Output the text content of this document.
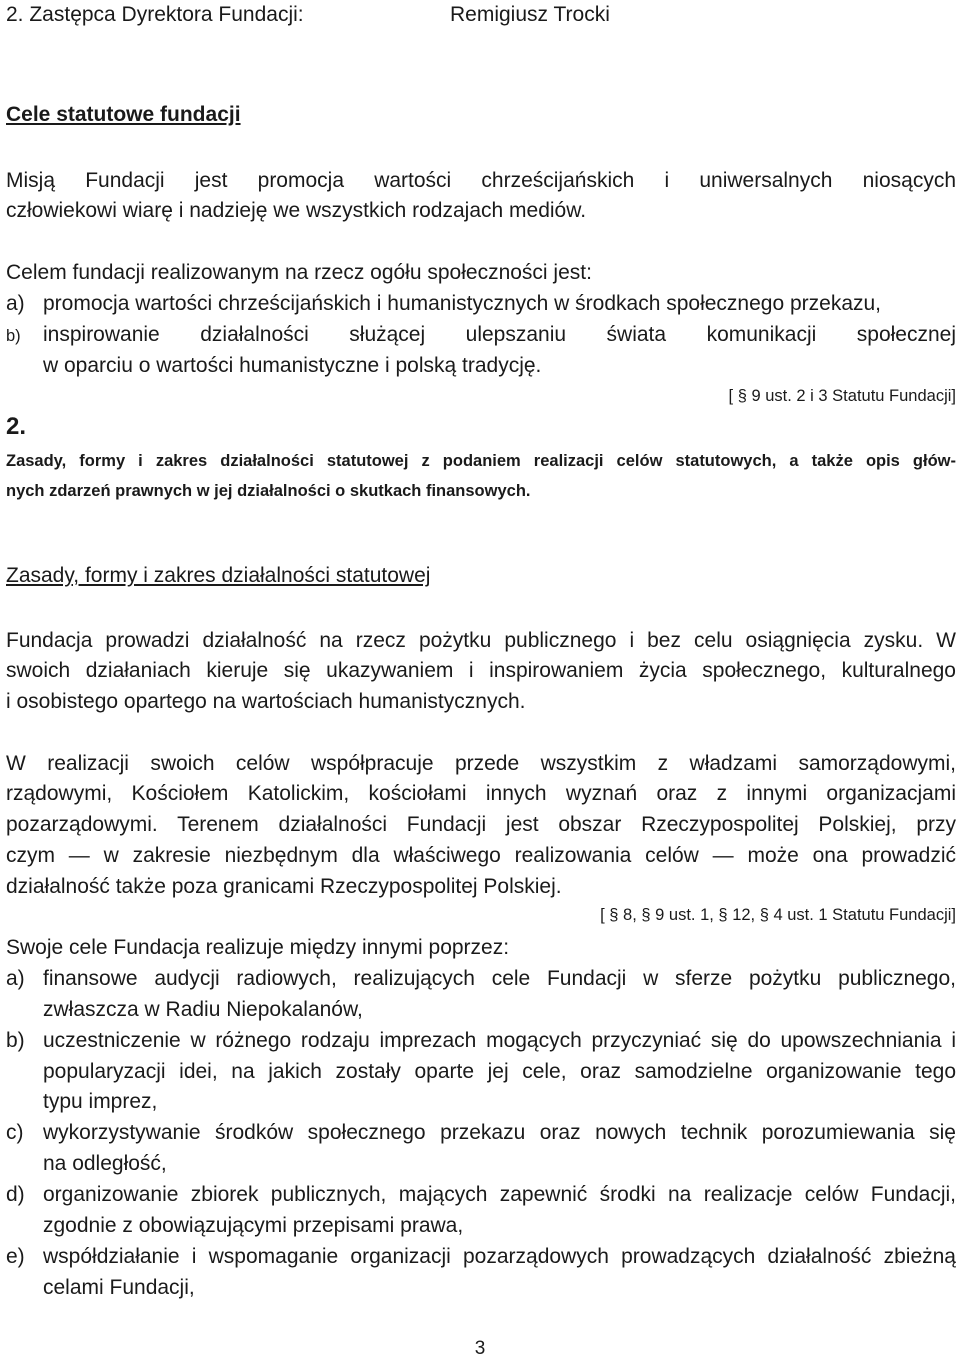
2. Zastępca Dyrektora Fundacji:	Remigiusz Trocki
Cele statutowe fundacji
Misją Fundacji jest promocja wartości chrześcijańskich i uniwersalnych niosących
człowiekowi wiarę i nadzieję we wszystkich rodzajach mediów.
Celem fundacji realizowanym na rzecz ogółu społeczności jest:
a) promocja wartości chrześcijańskich i humanistycznych w środkach społecznego przekazu,
b)	inspirowanie działalności służącej ulepszaniu świata komunikacji społecznej
w oparciu o wartości humanistyczne i polską tradycję.
[ § 9 ust. 2 i 3 Statutu Fundacji]
2.
Zasady, formy i zakres działalności statutowej z podaniem realizacji celów statutowych, a także opis głów-
nych zdarzeń prawnych w jej działalności o skutkach finansowych.
Zasady, formy i zakres działalności statutowej
Fundacja prowadzi działalność na rzecz pożytku publicznego i bez celu osiągnięcia zysku. W
swoich działaniach kieruje się ukazywaniem i inspirowaniem życia społecznego, kulturalnego
i osobistego opartego na wartościach humanistycznych.
W realizacji swoich celów współpracuje przede wszystkim z władzami samorządowymi,
rządowymi, Kościołem Katolickim, kościołami innych wyznań oraz z innymi organizacjami
pozarządowymi. Terenem działalności Fundacji jest obszar Rzeczypospolitej Polskiej, przy
czym — w zakresie niezbędnym dla właściwego realizowania celów — może ona prowadzić
działalność także poza granicami Rzeczypospolitej Polskiej.
[ § 8, § 9 ust. 1, § 12, § 4 ust. 1 Statutu Fundacji]
Swoje cele Fundacja realizuje między innymi poprzez:
a) finansowe audycji radiowych, realizujących cele Fundacji w sferze pożytku publicznego,
zwłaszcza w Radiu Niepokalanów,
b) uczestniczenie w różnego rodzaju imprezach mogących przyczyniać się do upowszechniania i
popularyzacji idei, na jakich zostały oparte jej cele, oraz samodzielne organizowanie tego
typu imprez,
c) wykorzystywanie środków społecznego przekazu oraz nowych technik porozumiewania się
na odległość,
d) organizowanie zbiorek publicznych, mających zapewnić środki na realizacje celów Fundacji,
zgodnie z obowiązującymi przepisami prawa,
e) współdziałanie i wspomaganie organizacji pozarządowych prowadzących działalność zbieżną
celami Fundacji,
3
